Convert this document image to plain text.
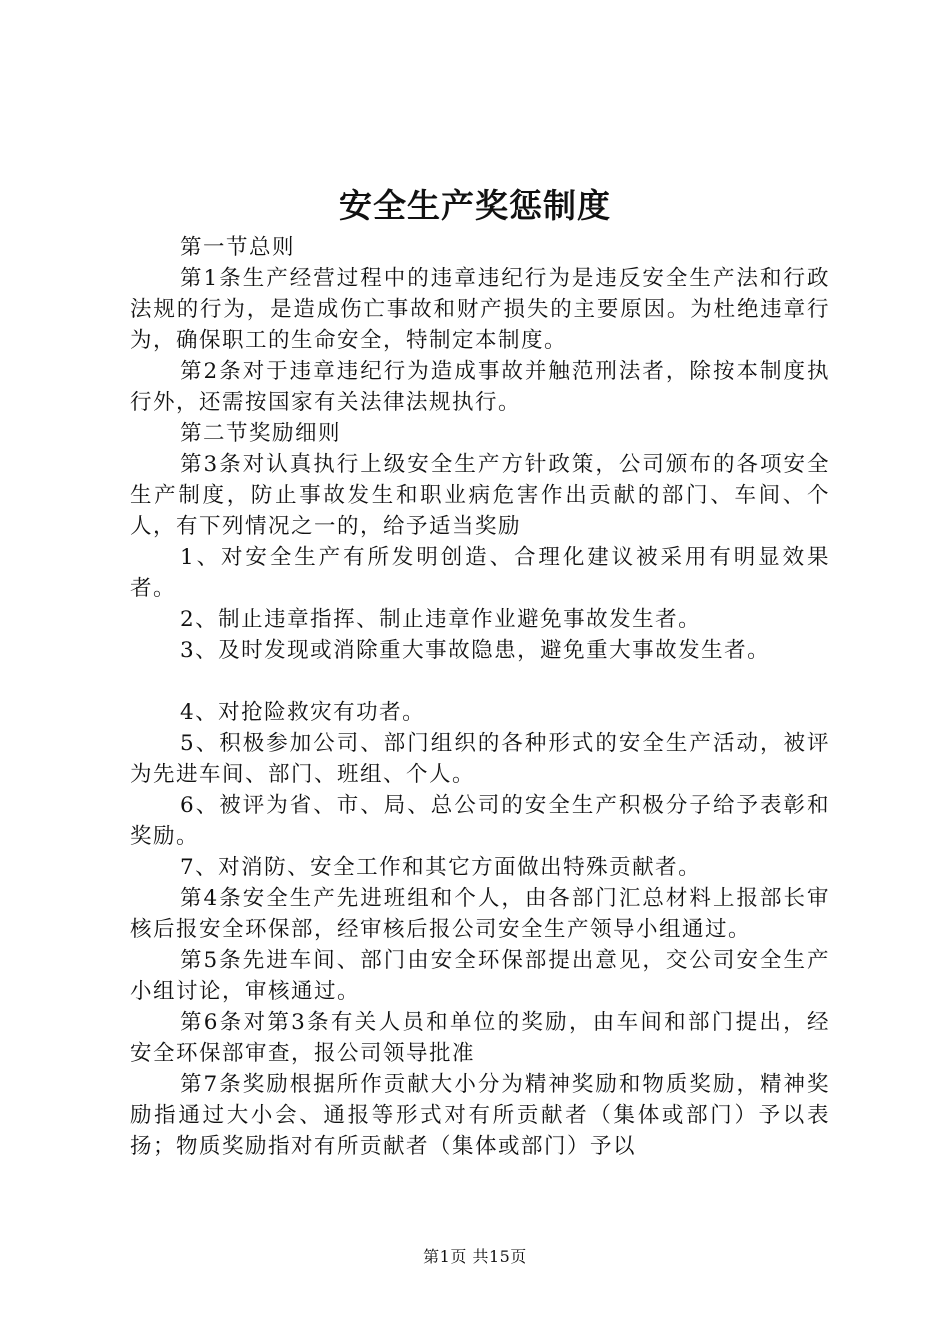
安全生产奖惩制度

第一节总则

第1条生产经营过程中的违章违纪行为是违反安全生产法和行政法规的行为，是造成伤亡事故和财产损失的主要原因。为杜绝违章行为，确保职工的生命安全，特制定本制度。

第2条对于违章违纪行为造成事故并触范刑法者，除按本制度执行外，还需按国家有关法律法规执行。

第二节奖励细则

第3条对认真执行上级安全生产方针政策，公司颁布的各项安全生产制度，防止事故发生和职业病危害作出贡献的部门、车间、个人，有下列情况之一的，给予适当奖励

1、对安全生产有所发明创造、合理化建议被采用有明显效果者。

2、制止违章指挥、制止违章作业避免事故发生者。

3、及时发现或消除重大事故隐患，避免重大事故发生者。

4、对抢险救灾有功者。

5、积极参加公司、部门组织的各种形式的安全生产活动，被评为先进车间、部门、班组、个人。

6、被评为省、市、局、总公司的安全生产积极分子给予表彰和奖励。

7、对消防、安全工作和其它方面做出特殊贡献者。

第4条安全生产先进班组和个人，由各部门汇总材料上报部长审核后报安全环保部，经审核后报公司安全生产领导小组通过。

第5条先进车间、部门由安全环保部提出意见，交公司安全生产小组讨论，审核通过。

第6条对第3条有关人员和单位的奖励，由车间和部门提出，经安全环保部审查，报公司领导批准

第7条奖励根据所作贡献大小分为精神奖励和物质奖励，精神奖励指通过大小会、通报等形式对有所贡献者（集体或部门）予以表扬；物质奖励指对有所贡献者（集体或部门）予以

第1页 共15页
